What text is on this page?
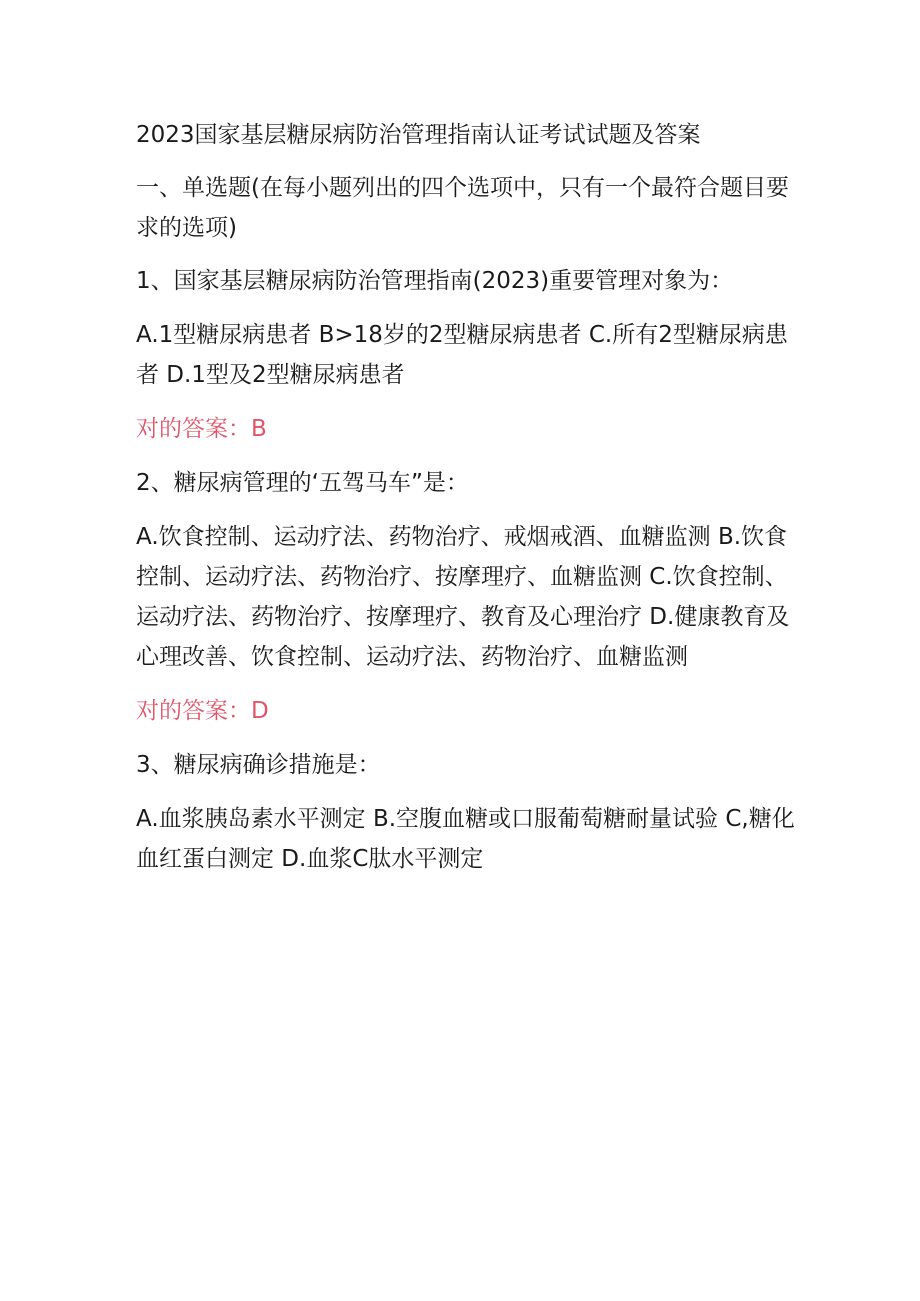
2023国家基层糖尿病防治管理指南认证考试试题及答案

一、单选题(在每小题列出的四个选项中，只有一个最符合题目要求的选项)

1、国家基层糖尿病防治管理指南(2023)重要管理对象为：

A.1型糖尿病患者 B>18岁的2型糖尿病患者 C.所有2型糖尿病患者 D.1型及2型糖尿病患者

对的答案：B

2、糖尿病管理的‘五驾马车”是：

A.饮食控制、运动疗法、药物治疗、戒烟戒酒、血糖监测 B.饮食控制、运动疗法、药物治疗、按摩理疗、血糖监测 C.饮食控制、运动疗法、药物治疗、按摩理疗、教育及心理治疗 D.健康教育及心理改善、饮食控制、运动疗法、药物治疗、血糖监测

对的答案：D

3、糖尿病确诊措施是：

A.血浆胰岛素水平测定 B.空腹血糖或口服葡萄糖耐量试验 C,糖化血红蛋白测定 D.血浆C肽水平测定
